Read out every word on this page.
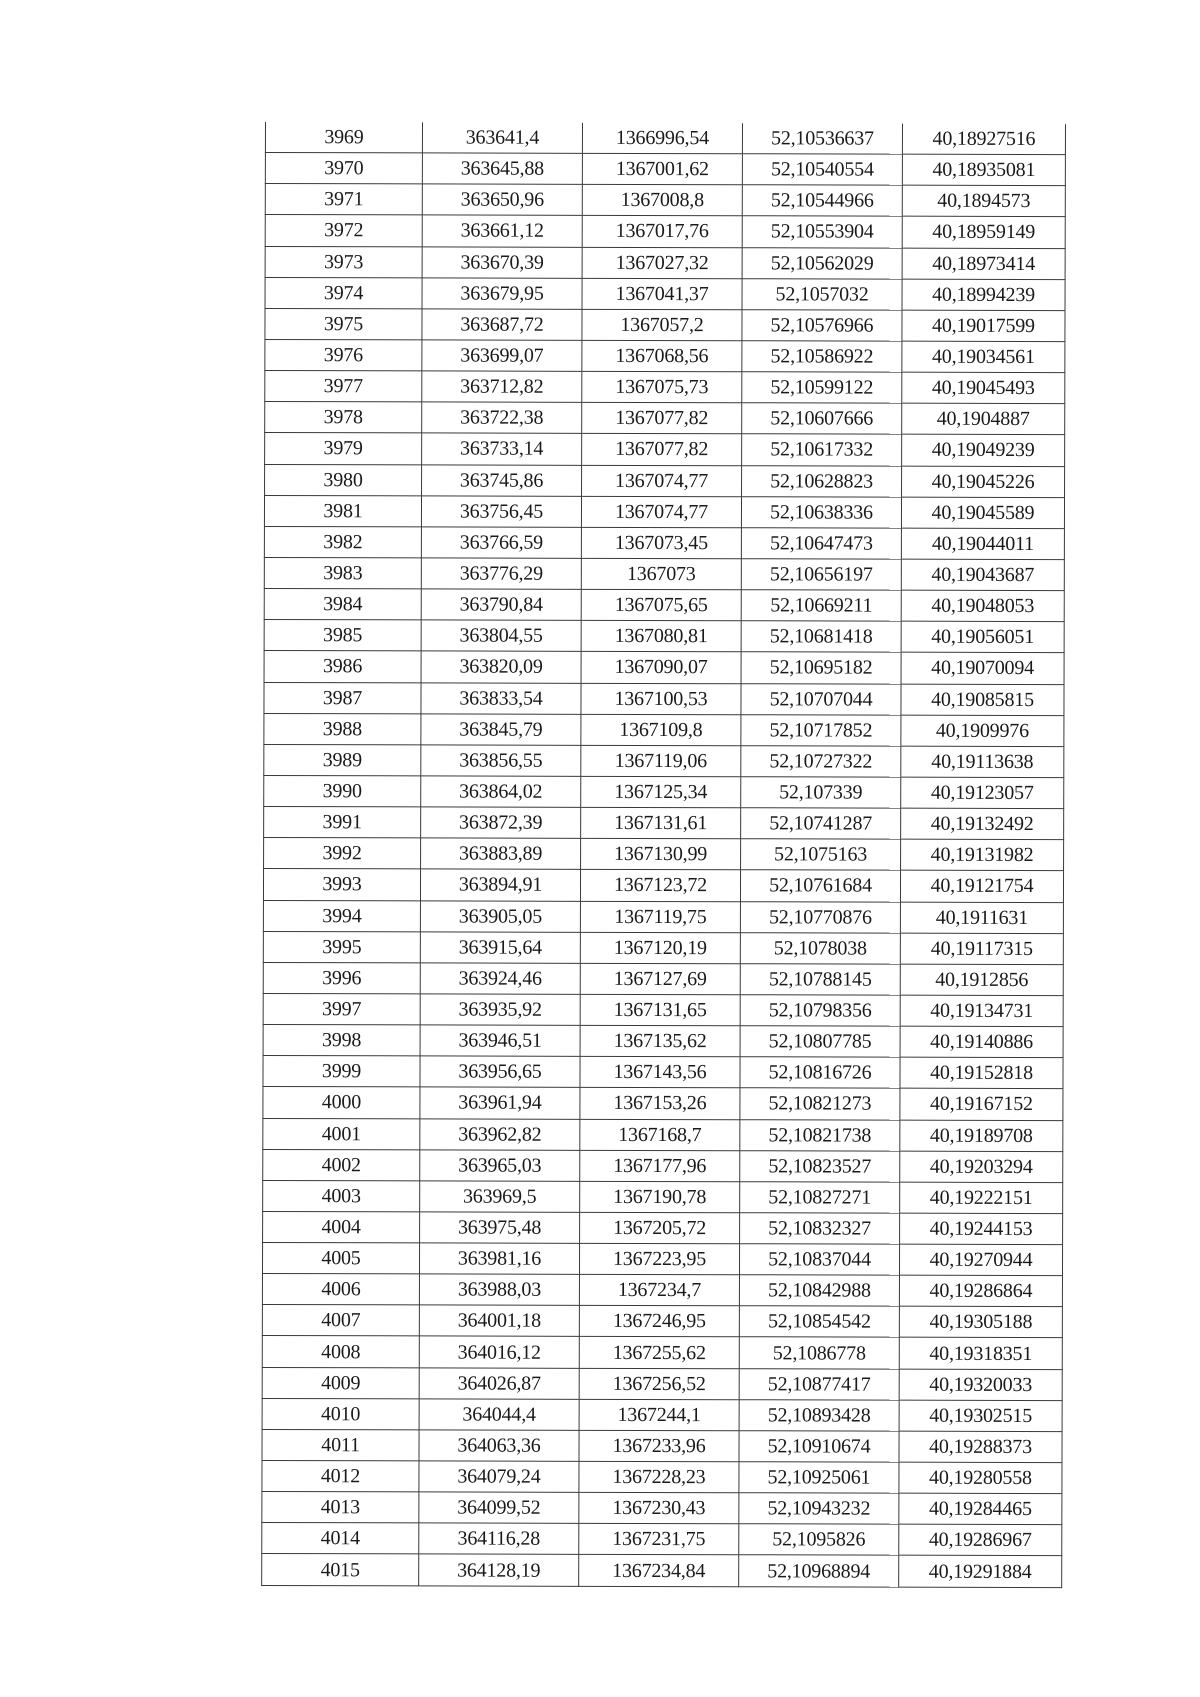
3969	363641,4	1366996,54	52,10536637	40,18927516
3970	363645,88	1367001,62	52,10540554	40,18935081
3971	363650,96	1367008,8	52,10544966	40,1894573
3972	363661,12	1367017,76	52,10553904	40,18959149
3973	363670,39	1367027,32	52,10562029	40,18973414
3974	363679,95	1367041,37	52,1057032	40,18994239
3975	363687,72	1367057,2	52,10576966	40,19017599
3976	363699,07	1367068,56	52,10586922	40,19034561
3977	363712,82	1367075,73	52,10599122	40,19045493
3978	363722,38	1367077,82	52,10607666	40,1904887
3979	363733,14	1367077,82	52,10617332	40,19049239
3980	363745,86	1367074,77	52,10628823	40,19045226
3981	363756,45	1367074,77	52,10638336	40,19045589
3982	363766,59	1367073,45	52,10647473	40,19044011
3983	363776,29	1367073	52,10656197	40,19043687
3984	363790,84	1367075,65	52,10669211	40,19048053
3985	363804,55	1367080,81	52,10681418	40,19056051
3986	363820,09	1367090,07	52,10695182	40,19070094
3987	363833,54	1367100,53	52,10707044	40,19085815
3988	363845,79	1367109,8	52,10717852	40,1909976
3989	363856,55	1367119,06	52,10727322	40,19113638
3990	363864,02	1367125,34	52,107339	40,19123057
3991	363872,39	1367131,61	52,10741287	40,19132492
3992	363883,89	1367130,99	52,1075163	40,19131982
3993	363894,91	1367123,72	52,10761684	40,19121754
3994	363905,05	1367119,75	52,10770876	40,1911631
3995	363915,64	1367120,19	52,1078038	40,19117315
3996	363924,46	1367127,69	52,10788145	40,1912856
3997	363935,92	1367131,65	52,10798356	40,19134731
3998	363946,51	1367135,62	52,10807785	40,19140886
3999	363956,65	1367143,56	52,10816726	40,19152818
4000	363961,94	1367153,26	52,10821273	40,19167152
4001	363962,82	1367168,7	52,10821738	40,19189708
4002	363965,03	1367177,96	52,10823527	40,19203294
4003	363969,5	1367190,78	52,10827271	40,19222151
4004	363975,48	1367205,72	52,10832327	40,19244153
4005	363981,16	1367223,95	52,10837044	40,19270944
4006	363988,03	1367234,7	52,10842988	40,19286864
4007	364001,18	1367246,95	52,10854542	40,19305188
4008	364016,12	1367255,62	52,1086778	40,19318351
4009	364026,87	1367256,52	52,10877417	40,19320033
4010	364044,4	1367244,1	52,10893428	40,19302515
4011	364063,36	1367233,96	52,10910674	40,19288373
4012	364079,24	1367228,23	52,10925061	40,19280558
4013	364099,52	1367230,43	52,10943232	40,19284465
4014	364116,28	1367231,75	52,1095826	40,19286967
4015	364128,19	1367234,84	52,10968894	40,19291884
